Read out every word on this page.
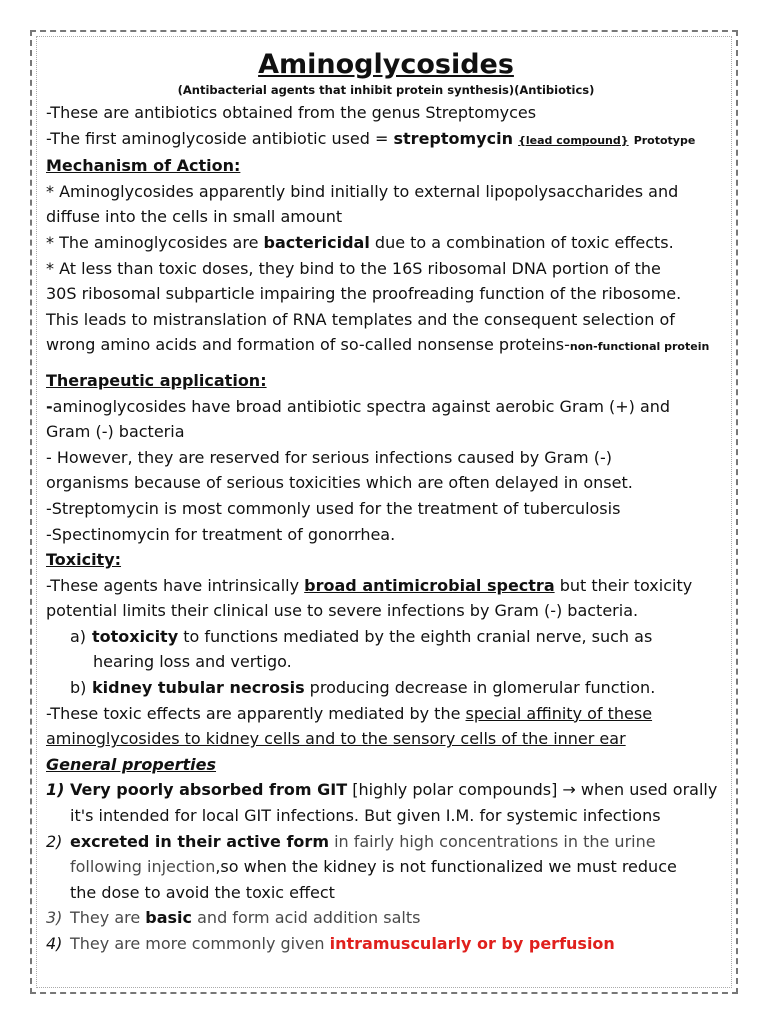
Aminoglycosides
(Antibacterial agents that inhibit protein synthesis)(Antibiotics)
-These are antibiotics obtained from the genus Streptomyces
-The first aminoglycoside antibiotic used = streptomycin {lead compound} Prototype
Mechanism of Action:
* Aminoglycosides apparently bind initially to external lipopolysaccharides and
diffuse into the cells in small amount
* The aminoglycosides are bactericidal due to a combination of toxic effects.
* At less than toxic doses, they bind to the 16S ribosomal DNA portion of the
30S ribosomal subparticle impairing the proofreading function of the ribosome.
This leads to mistranslation of RNA templates and the consequent selection of
wrong amino acids and formation of so-called nonsense proteins-non-functional protein
Therapeutic application:
-aminoglycosides have broad antibiotic spectra against aerobic Gram (+) and
Gram (-) bacteria
- However, they are reserved for serious infections caused by Gram (-)
organisms because of serious toxicities which are often delayed in onset.
-Streptomycin is most commonly used for the treatment of tuberculosis
-Spectinomycin for treatment of gonorrhea.
Toxicity:
-These agents have intrinsically broad antimicrobial spectra but their toxicity
potential limits their clinical use to severe infections by Gram (-) bacteria.
a) totoxicity to functions mediated by the eighth cranial nerve, such as
hearing loss and vertigo.
b) kidney tubular necrosis producing decrease in glomerular function.
-These toxic effects are apparently mediated by the special affinity of these
aminoglycosides to kidney cells and to the sensory cells of the inner ear
General properties
1) Very poorly absorbed from GIT [highly polar compounds] → when used orally
it's intended for local GIT infections. But given I.M. for systemic infections
2) excreted in their active form in fairly high concentrations in the urine
following injection,so when the kidney is not functionalized we must reduce
the dose to avoid the toxic effect
3) They are basic and form acid addition salts
4) They are more commonly given intramuscularly or by perfusion
